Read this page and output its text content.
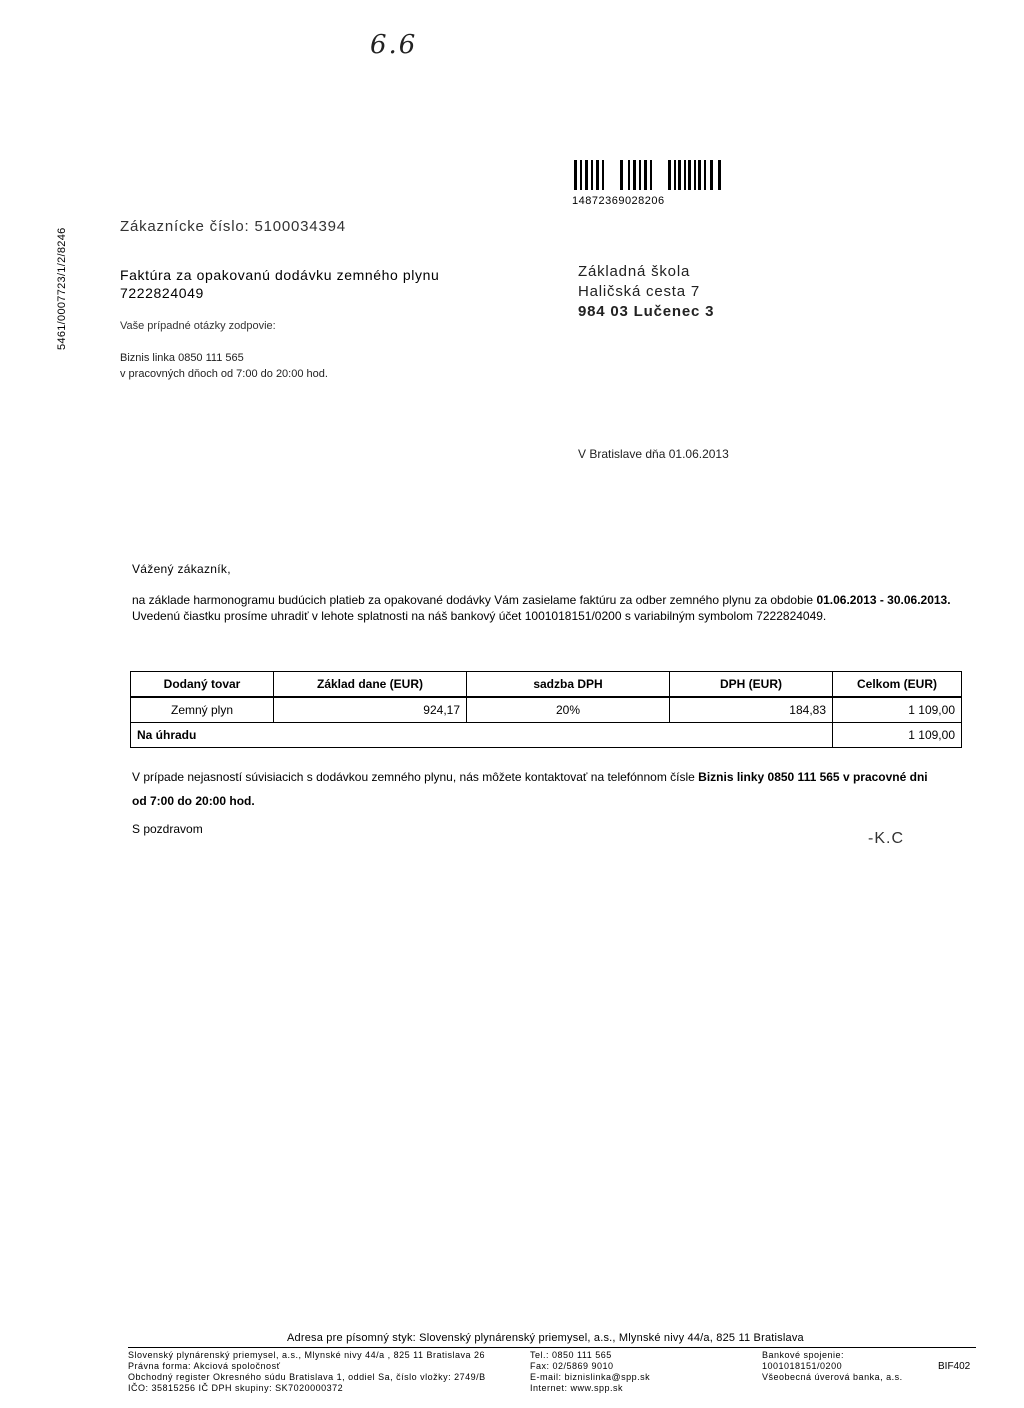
6.6
14872369028206
5461/0007723/1/2/8246
Zákaznícke číslo: 5100034394
Faktúra za opakovanú dodávku zemného plynu
7222824049
Vaše prípadné otázky zodpovie:
Biznis linka 0850 111 565
v pracovných dňoch od 7:00 do 20:00 hod.
Základná škola
Haličská cesta 7
984 03 Lučenec 3
V Bratislave dňa 01.06.2013
Vážený zákazník,
na základe harmonogramu budúcich platieb za opakované dodávky Vám zasielame faktúru za odber zemného plynu za obdobie 01.06.2013 - 30.06.2013.
Uvedenú čiastku prosíme uhradiť v lehote splatnosti na náš bankový účet 1001018151/0200 s variabilným symbolom 7222824049.
Dodaný tovar	Základ dane (EUR)	sadzba DPH	DPH (EUR)	Celkom (EUR)
Zemný plyn	924,17	20%	184,83	1 109,00
Na úhradu				1 109,00
V prípade nejasností súvisiacich s dodávkou zemného plynu, nás môžete kontaktovať na telefónnom čísle Biznis linky 0850 111 565 v pracovné dni od 7:00 do 20:00 hod.
S pozdravom
-K.C
Adresa pre písomný styk: Slovenský plynárenský priemysel, a.s., Mlynské nivy 44/a, 825 11 Bratislava
Slovenský plynárenský priemysel, a.s., Mlynské nivy 44/a , 825 11 Bratislava 26
Právna forma: Akciová spoločnosť
Obchodný register Okresného súdu Bratislava 1, oddiel Sa, číslo vložky: 2749/B
IČO: 35815256 IČ DPH skupiny: SK7020000372
Tel.: 0850 111 565
Fax: 02/5869 9010
E-mail: biznislinka@spp.sk
Internet: www.spp.sk
Bankové spojenie:
1001018151/0200
Všeobecná úverová banka, a.s.
BIF402
